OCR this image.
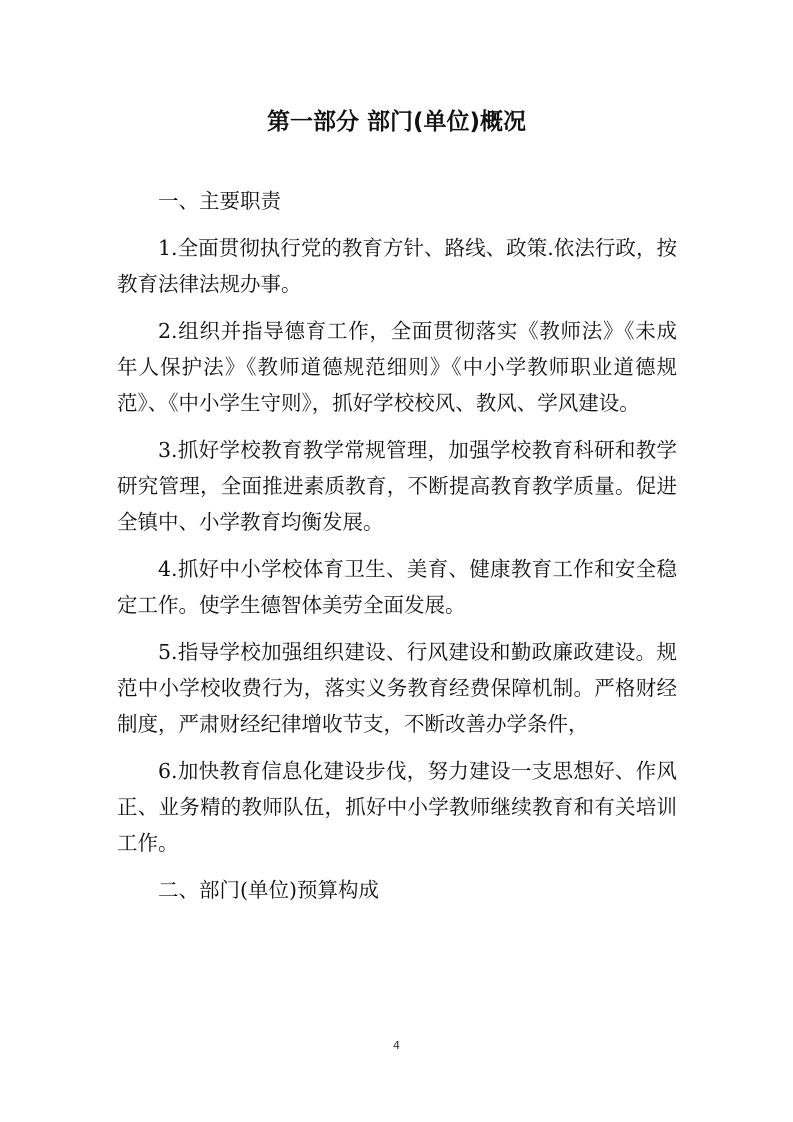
第一部分 部门(单位)概况

一、主要职责

1.全面贯彻执行党的教育方针、路线、政策.依法行政，按教育法律法规办事。

2.组织并指导德育工作，全面贯彻落实《教师法》《未成年人保护法》《教师道德规范细则》《中小学教师职业道德规范》、《中小学生守则》，抓好学校校风、教风、学风建设。

3.抓好学校教育教学常规管理，加强学校教育科研和教学研究管理，全面推进素质教育，不断提高教育教学质量。促进全镇中、小学教育均衡发展。

4.抓好中小学校体育卫生、美育、健康教育工作和安全稳定工作。使学生德智体美劳全面发展。

5.指导学校加强组织建设、行风建设和勤政廉政建设。规范中小学校收费行为，落实义务教育经费保障机制。严格财经制度，严肃财经纪律增收节支，不断改善办学条件，

6.加快教育信息化建设步伐，努力建设一支思想好、作风正、业务精的教师队伍，抓好中小学教师继续教育和有关培训工作。

二、部门(单位)预算构成

4
